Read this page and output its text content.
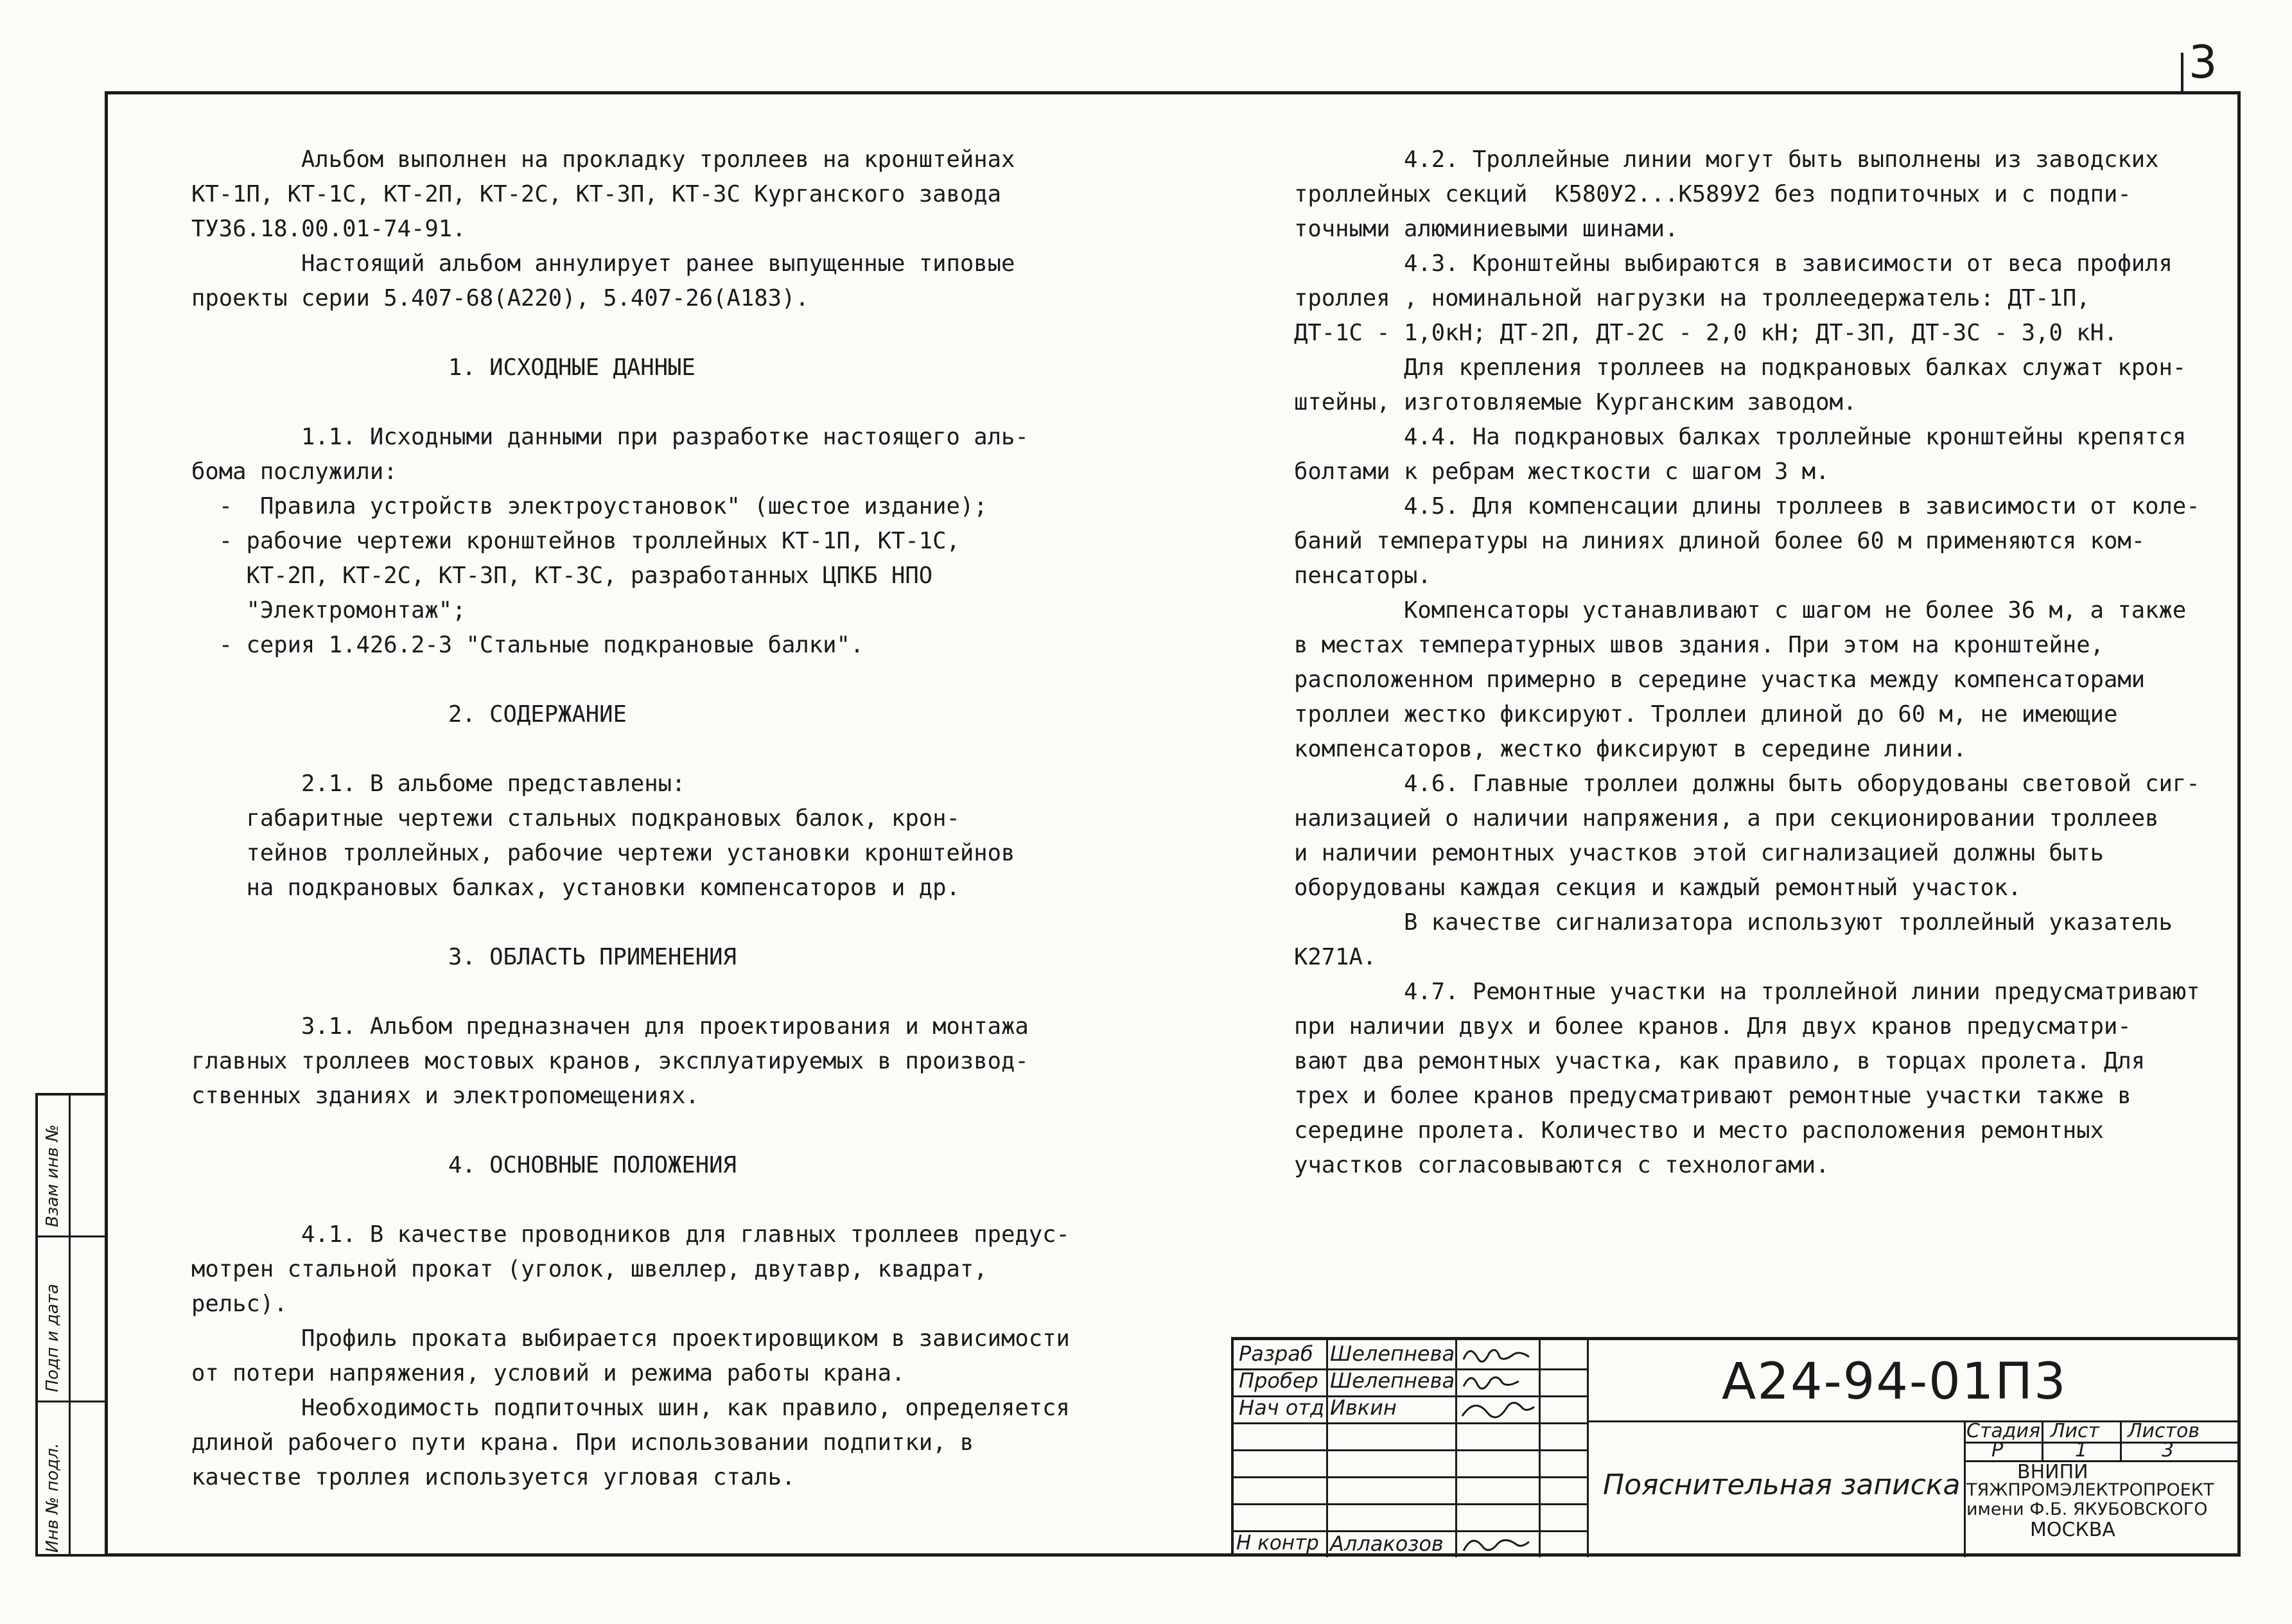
3
Альбом выполнен на прокладку троллеев на кронштейнах
КТ-1П, КТ-1С, КТ-2П, КТ-2С, КТ-3П, КТ-3С Курганского завода
ТУ36.18.00.01-74-91.
Настоящий альбом аннулирует ранее выпущенные типовые
проекты серии 5.407-68(А220), 5.407-26(А183).
1. ИСХОДНЫЕ ДАННЫЕ
1.1. Исходными данными при разработке настоящего аль-
бома послужили:
-  Правила устройств электроустановок" (шестое издание);
- рабочие чертежи кронштейнов троллейных КТ-1П, КТ-1С,
КТ-2П, КТ-2С, КТ-3П, КТ-3С, разработанных ЦПКБ НПО
"Электромонтаж";
- серия 1.426.2-3 "Стальные подкрановые балки".
2. СОДЕРЖАНИЕ
2.1. В альбоме представлены:
габаритные чертежи стальных подкрановых балок, крон-
тейнов троллейных, рабочие чертежи установки кронштейнов
на подкрановых балках, установки компенсаторов и др.
3. ОБЛАСТЬ ПРИМЕНЕНИЯ
3.1. Альбом предназначен для проектирования и монтажа
главных троллеев мостовых кранов, эксплуатируемых в производ-
ственных зданиях и электропомещениях.
4. ОСНОВНЫЕ ПОЛОЖЕНИЯ
4.1. В качестве проводников для главных троллеев предус-
мотрен стальной прокат (уголок, швеллер, двутавр, квадрат,
рельс).
Профиль проката выбирается проектировщиком в зависимости
от потери напряжения, условий и режима работы крана.
Необходимость подпиточных шин, как правило, определяется
длиной рабочего пути крана. При использовании подпитки, в
качестве троллея используется угловая сталь.
4.2. Троллейные линии могут быть выполнены из заводских
троллейных секций  К580У2...К589У2 без подпиточных и с подпи-
точными алюминиевыми шинами.
4.3. Кронштейны выбираются в зависимости от веса профиля
троллея , номинальной нагрузки на троллеедержатель: ДТ-1П,
ДТ-1С - 1,0кН; ДТ-2П, ДТ-2С - 2,0 кН; ДТ-3П, ДТ-3С - 3,0 кН.
Для крепления троллеев на подкрановых балках служат крон-
штейны, изготовляемые Курганским заводом.
4.4. На подкрановых балках троллейные кронштейны крепятся
болтами к ребрам жесткости с шагом 3 м.
4.5. Для компенсации длины троллеев в зависимости от коле-
баний температуры на линиях длиной более 60 м применяются ком-
пенсаторы.
Компенсаторы устанавливают с шагом не более 36 м, а также
в местах температурных швов здания. При этом на кронштейне,
расположенном примерно в середине участка между компенсаторами
троллеи жестко фиксируют. Троллеи длиной до 60 м, не имеющие
компенсаторов, жестко фиксируют в середине линии.
4.6. Главные троллеи должны быть оборудованы световой сиг-
нализацией о наличии напряжения, а при секционировании троллеев
и наличии ремонтных участков этой сигнализацией должны быть
оборудованы каждая секция и каждый ремонтный участок.
В качестве сигнализатора используют троллейный указатель
К271А.
4.7. Ремонтные участки на троллейной линии предусматривают
при наличии двух и более кранов. Для двух кранов предусматри-
вают два ремонтных участка, как правило, в торцах пролета. Для
трех и более кранов предусматривают ремонтные участки также в
середине пролета. Количество и место расположения ремонтных
участков согласовываются с технологами.
Разраб
Пробер
Нач отд
Н контр
Шелепнева
Шелепнева
Ивкин
Аллакозов
А24-94-01П3
Пояснительная записка
Стадия Лист Листов
Р	1	3
ВНИПИ
ТЯЖПРОМЭЛЕКТРОПРОЕКТ
имени Ф.Б. ЯКУБОВСКОГО
МОСКВА
Взам инв №
Подп и дата
Инв № подл.
